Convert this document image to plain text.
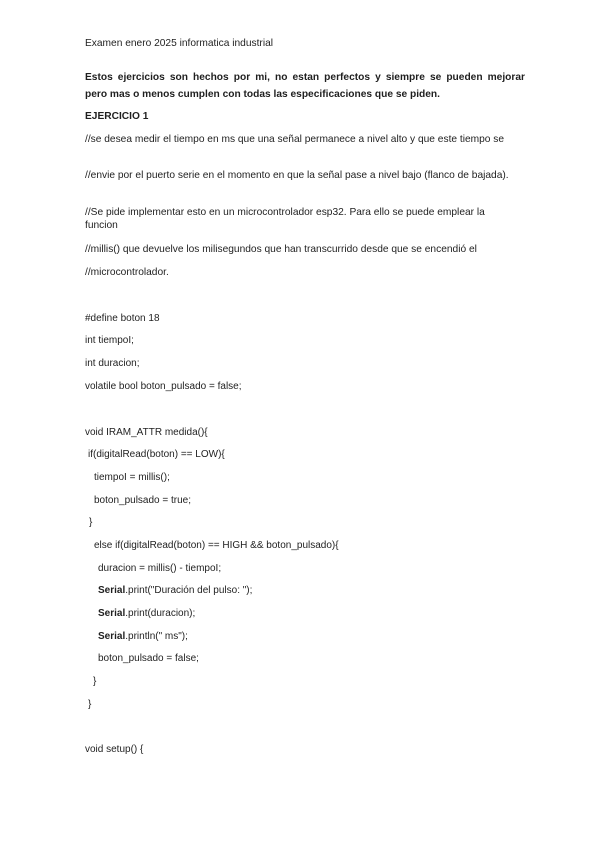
Examen enero 2025 informatica industrial

Estos ejercicios son hechos por mi, no estan perfectos y siempre se pueden mejorar

pero mas o menos cumplen con todas las especificaciones que se piden.

EJERCICIO 1

//se desea medir el tiempo en ms que una señal permanece a nivel alto y que este tiempo se

//envie por el puerto serie en el momento en que la señal pase a nivel bajo (flanco de bajada).

//Se pide implementar esto en un microcontrolador esp32. Para ello se puede emplear la funcion

//millis() que devuelve los milisegundos que han transcurrido desde que se encendió el

//microcontrolador.

#define boton 18

int tiempoI;

int duracion;

volatile bool boton_pulsado = false;

void IRAM_ATTR medida(){

if(digitalRead(boton) == LOW){

tiempoI = millis();

boton_pulsado = true;

}

else if(digitalRead(boton) == HIGH && boton_pulsado){

duracion = millis() - tiempoI;

Serial.print("Duración del pulso: ");

Serial.print(duracion);

Serial.println(" ms");

boton_pulsado = false;

}

}

void setup() {
